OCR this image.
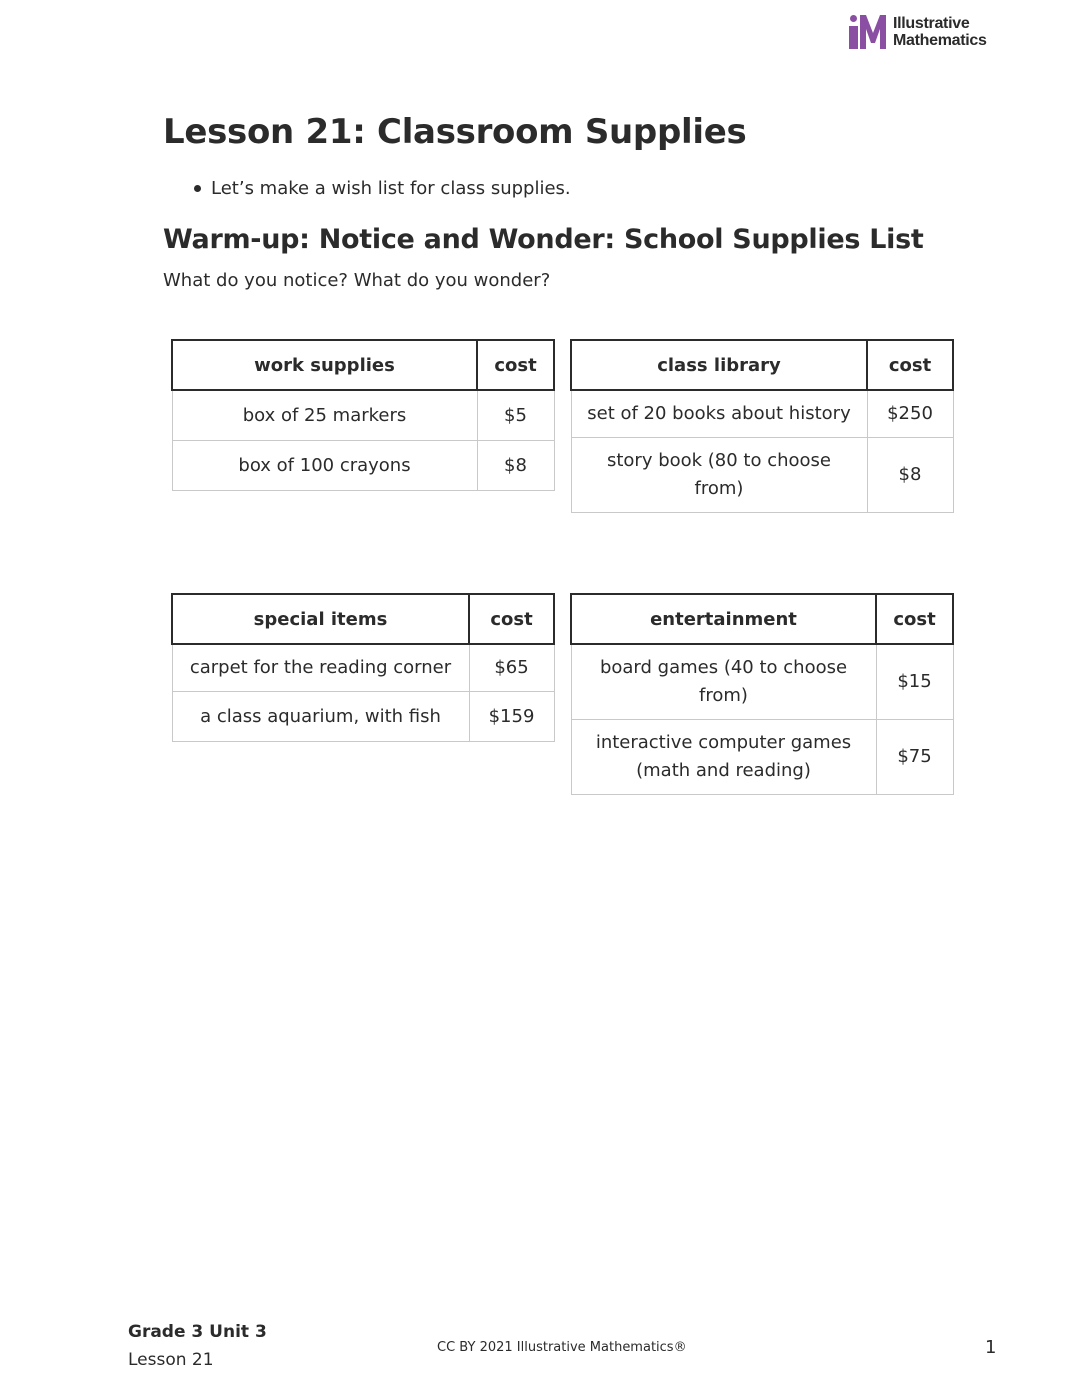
Illustrative
Mathematics
Lesson 21: Classroom Supplies
Let’s make a wish list for class supplies.
Warm-up: Notice and Wonder: School Supplies List

What do you notice? What do you wonder?

work supplies	cost
box of 25 markers	$5
box of 100 crayons	$8
class library	cost
set of 20 books about history	$250
story book (80 to choose from)	$8
special items	cost
carpet for the reading corner	$65
a class aquarium, with fish	$159
entertainment	cost
board games (40 to choose from)	$15
interactive computer games (math and reading)	$75

Grade 3 Unit 3

Lesson 21

CC BY 2021 Illustrative Mathematics®	1
